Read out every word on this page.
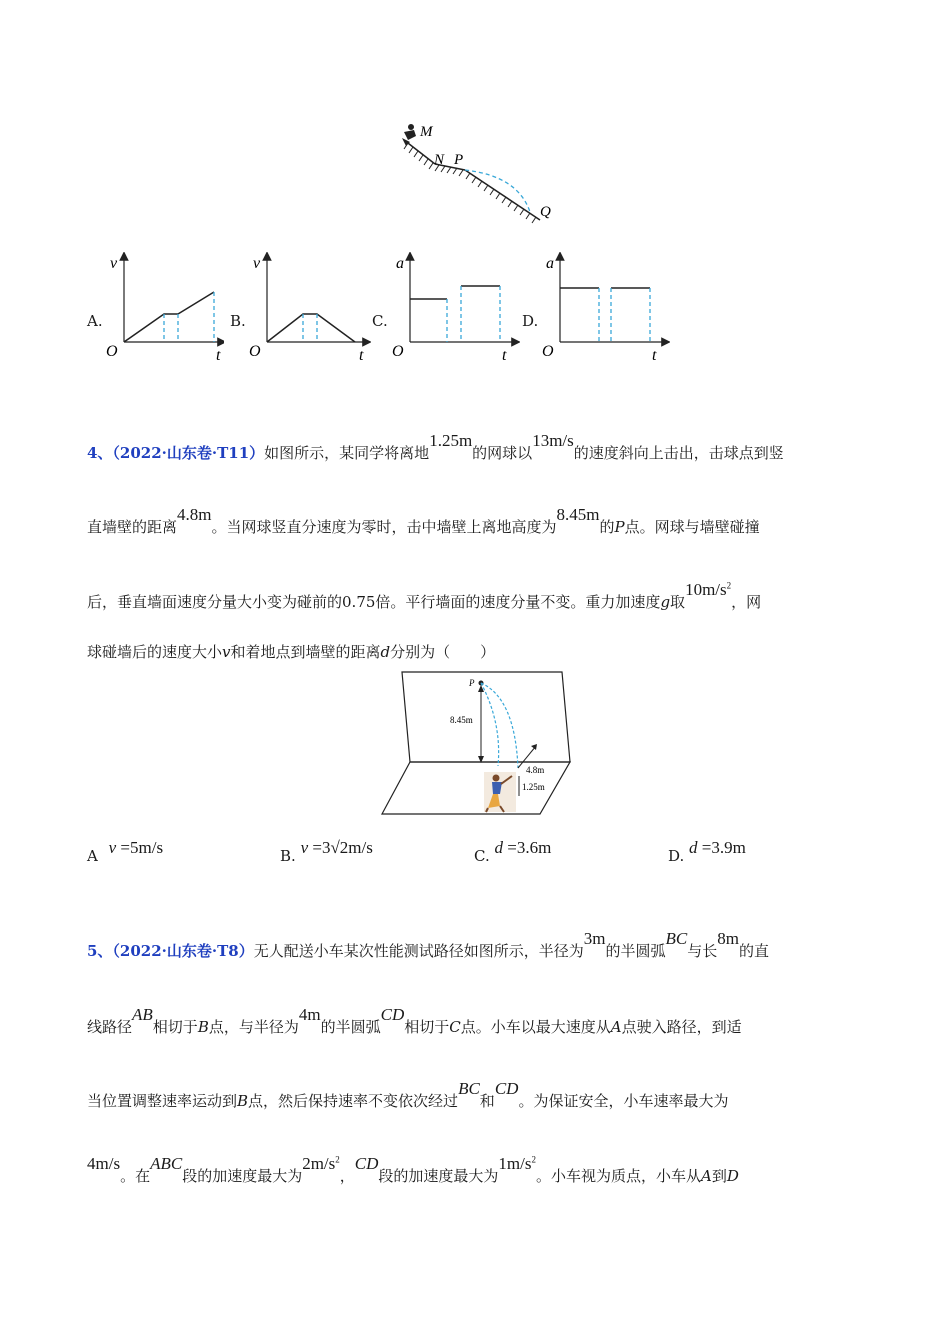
M
N P
Q
A.
v
O	t
B.
v
O	t
C.
a
O	t
D.
a
O	t
4、（2022·山东卷·T11）如图所示，某同学将离地1.25m的网球以13m/s的速度斜向上击出，击球点到竖
直墙壁的距离4.8m。当网球竖直分速度为零时，击中墙壁上离地高度为8.45m的P点。网球与墙壁碰撞
后，垂直墙面速度分量大小变为碰前的0.75倍。平行墙面的速度分量不变。重力加速度g取$10m/s^2$，网
球碰墙后的速度大小v和着地点到墙壁的距离d分别为（　　）
P
8.45m
4.8m
1.25m
A v =5m/s	B. v =3√2m/s	C. d =3.6m	D. d =3.9m
5、（2022·山东卷·T8）无人配送小车某次性能测试路径如图所示，半径为3m的半圆弧BC与长8m的直
线路径AB相切于B点，与半径为4m的半圆弧CD相切于C点。小车以最大速度从A点驶入路径，到适
当位置调整速率运动到B点，然后保持速率不变依次经过BC和CD。为保证安全，小车速率最大为
4m/s。在ABC段的加速度最大为$2m/s^2$，CD段的加速度最大为$1m/s^2$。小车视为质点，小车从A到D
